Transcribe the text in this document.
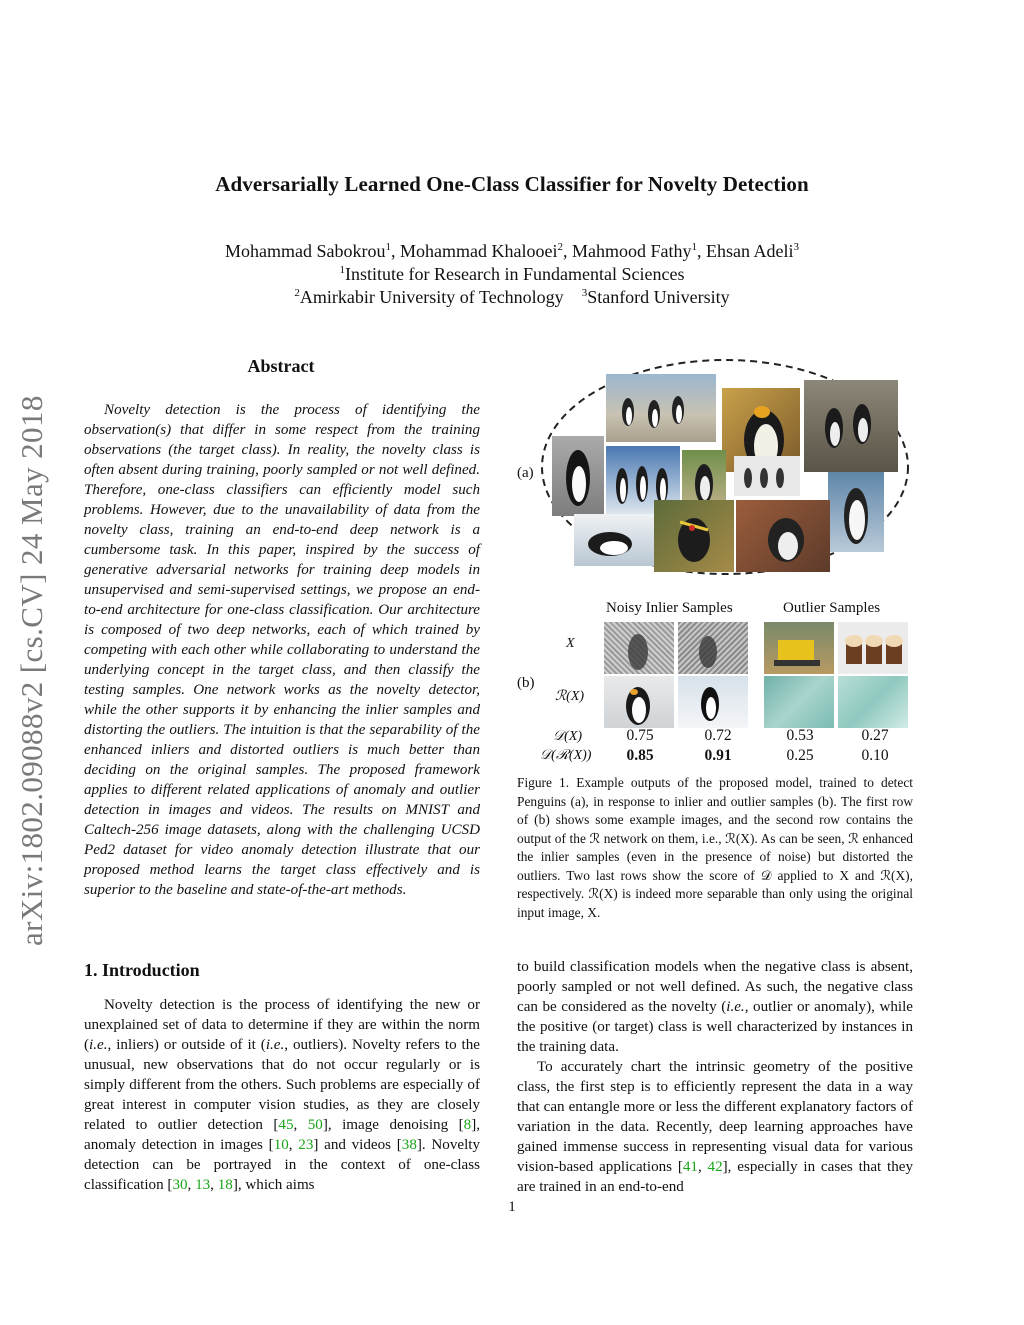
Adversarially Learned One-Class Classifier for Novelty Detection
Mohammad Sabokrou$^1$, Mohammad Khalooei$^2$, Mahmood Fathy$^1$, Ehsan Adeli$^3$
$^1$Institute for Research in Fundamental Sciences
$^2$Amirkabir University of Technology $^3$Stanford University
arXiv:1802.09088v2 [cs.CV] 24 May 2018
Abstract
Novelty detection is the process of identifying the observation(s) that differ in some respect from the training observations (the target class). In reality, the novelty class is often absent during training, poorly sampled or not well defined. Therefore, one-class classifiers can efficiently model such problems. However, due to the unavailability of data from the novelty class, training an end-to-end deep network is a cumbersome task. In this paper, inspired by the success of generative adversarial networks for training deep models in unsupervised and semi-supervised settings, we propose an end-to-end architecture for one-class classification. Our architecture is composed of two deep networks, each of which trained by competing with each other while collaborating to understand the underlying concept in the target class, and then classify the testing samples. One network works as the novelty detector, while the other supports it by enhancing the inlier samples and distorting the outliers. The intuition is that the separability of the enhanced inliers and distorted outliers is much better than deciding on the original samples. The proposed framework applies to different related applications of anomaly and outlier detection in images and videos. The results on MNIST and Caltech-256 image datasets, along with the challenging UCSD Ped2 dataset for video anomaly detection illustrate that our proposed method learns the target class effectively and is superior to the baseline and state-of-the-art methods.
(a)
(b)
Noisy Inlier Samples	Outlier Samples
X
ℛ(X)
𝒟(X)
𝒟(ℛ(X))
0.75	0.72	0.53	0.27
0.85	0.91	0.25	0.10
Figure 1. Example outputs of the proposed model, trained to detect Penguins (a), in response to inlier and outlier samples (b). The first row of (b) shows some example images, and the second row contains the output of the ℛ network on them, i.e., ℛ(X). As can be seen, ℛ enhanced the inlier samples (even in the presence of noise) but distorted the outliers. Two last rows show the score of 𝒟 applied to X and ℛ(X), respectively. ℛ(X) is indeed more separable than only using the original input image, X.
1. Introduction
Novelty detection is the process of identifying the new or unexplained set of data to determine if they are within the norm (i.e., inliers) or outside of it (i.e., outliers). Novelty refers to the unusual, new observations that do not occur regularly or is simply different from the others. Such problems are especially of great interest in computer vision studies, as they are closely related to outlier detection [45, 50], image denoising [8], anomaly detection in images [10, 23] and videos [38]. Novelty detection can be portrayed in the context of one-class classification [30, 13, 18], which aims

to build classification models when the negative class is absent, poorly sampled or not well defined. As such, the negative class can be considered as the novelty (i.e., outlier or anomaly), while the positive (or target) class is well characterized by instances in the training data.

To accurately chart the intrinsic geometry of the positive class, the first step is to efficiently represent the data in a way that can entangle more or less the different explanatory factors of variation in the data. Recently, deep learning approaches have gained immense success in representing visual data for various vision-based applications [41, 42], especially in cases that they are trained in an end-to-end

1
